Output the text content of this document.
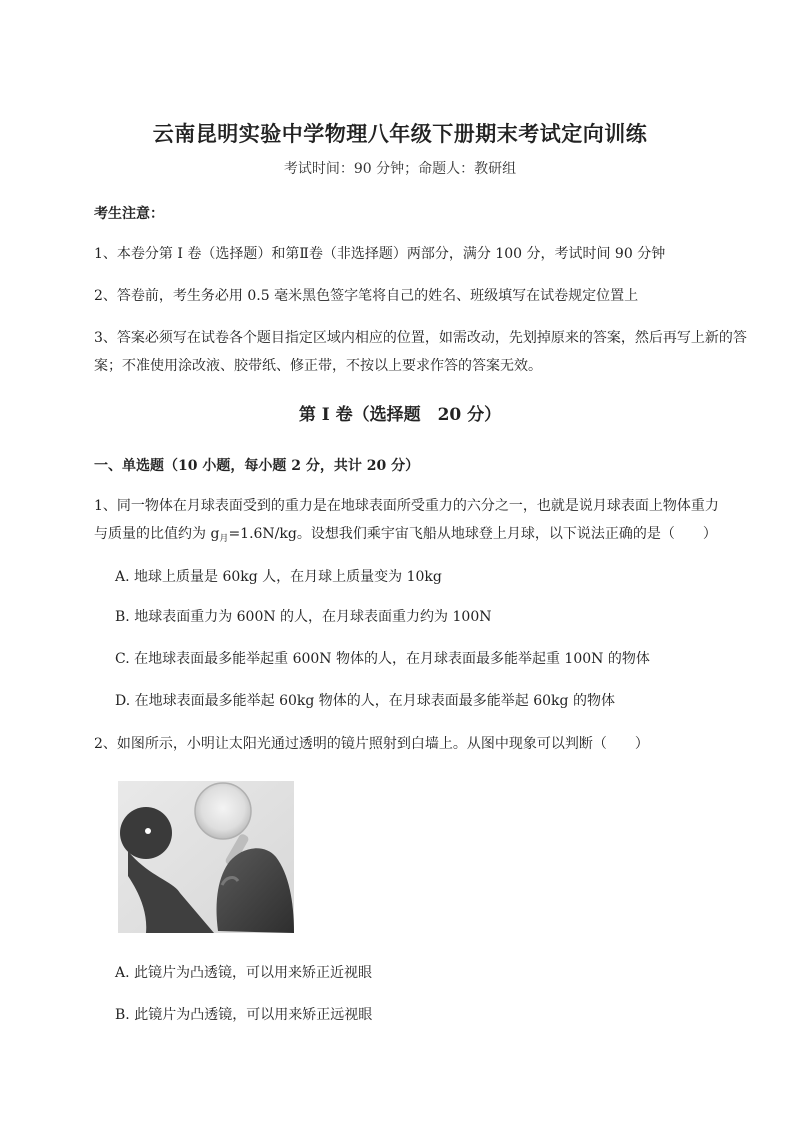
云南昆明实验中学物理八年级下册期末考试定向训练
考试时间：90 分钟；命题人：教研组
考生注意：
1、本卷分第 I 卷（选择题）和第Ⅱ卷（非选择题）两部分，满分 100 分，考试时间 90 分钟
2、答卷前，考生务必用 0.5 毫米黑色签字笔将自己的姓名、班级填写在试卷规定位置上
3、答案必须写在试卷各个题目指定区域内相应的位置，如需改动，先划掉原来的答案，然后再写上新的答案；不准使用涂改液、胶带纸、修正带，不按以上要求作答的答案无效。
第 I 卷（选择题　20 分）
一、单选题（10 小题，每小题 2 分，共计 20 分）
1、同一物体在月球表面受到的重力是在地球表面所受重力的六分之一，也就是说月球表面上物体重力
与质量的比值约为 $g_月=1.6N/kg$。设想我们乘宇宙飞船从地球登上月球，以下说法正确的是（　　）
A. 地球上质量是 60kg 人，在月球上质量变为 10kg
B. 地球表面重力为 600N 的人，在月球表面重力约为 100N
C. 在地球表面最多能举起重 600N 物体的人，在月球表面最多能举起重 100N 的物体
D. 在地球表面最多能举起 60kg 物体的人，在月球表面最多能举起 60kg 的物体
2、如图所示，小明让太阳光通过透明的镜片照射到白墙上。从图中现象可以判断（　　）
A. 此镜片为凸透镜，可以用来矫正近视眼
B. 此镜片为凸透镜，可以用来矫正远视眼
